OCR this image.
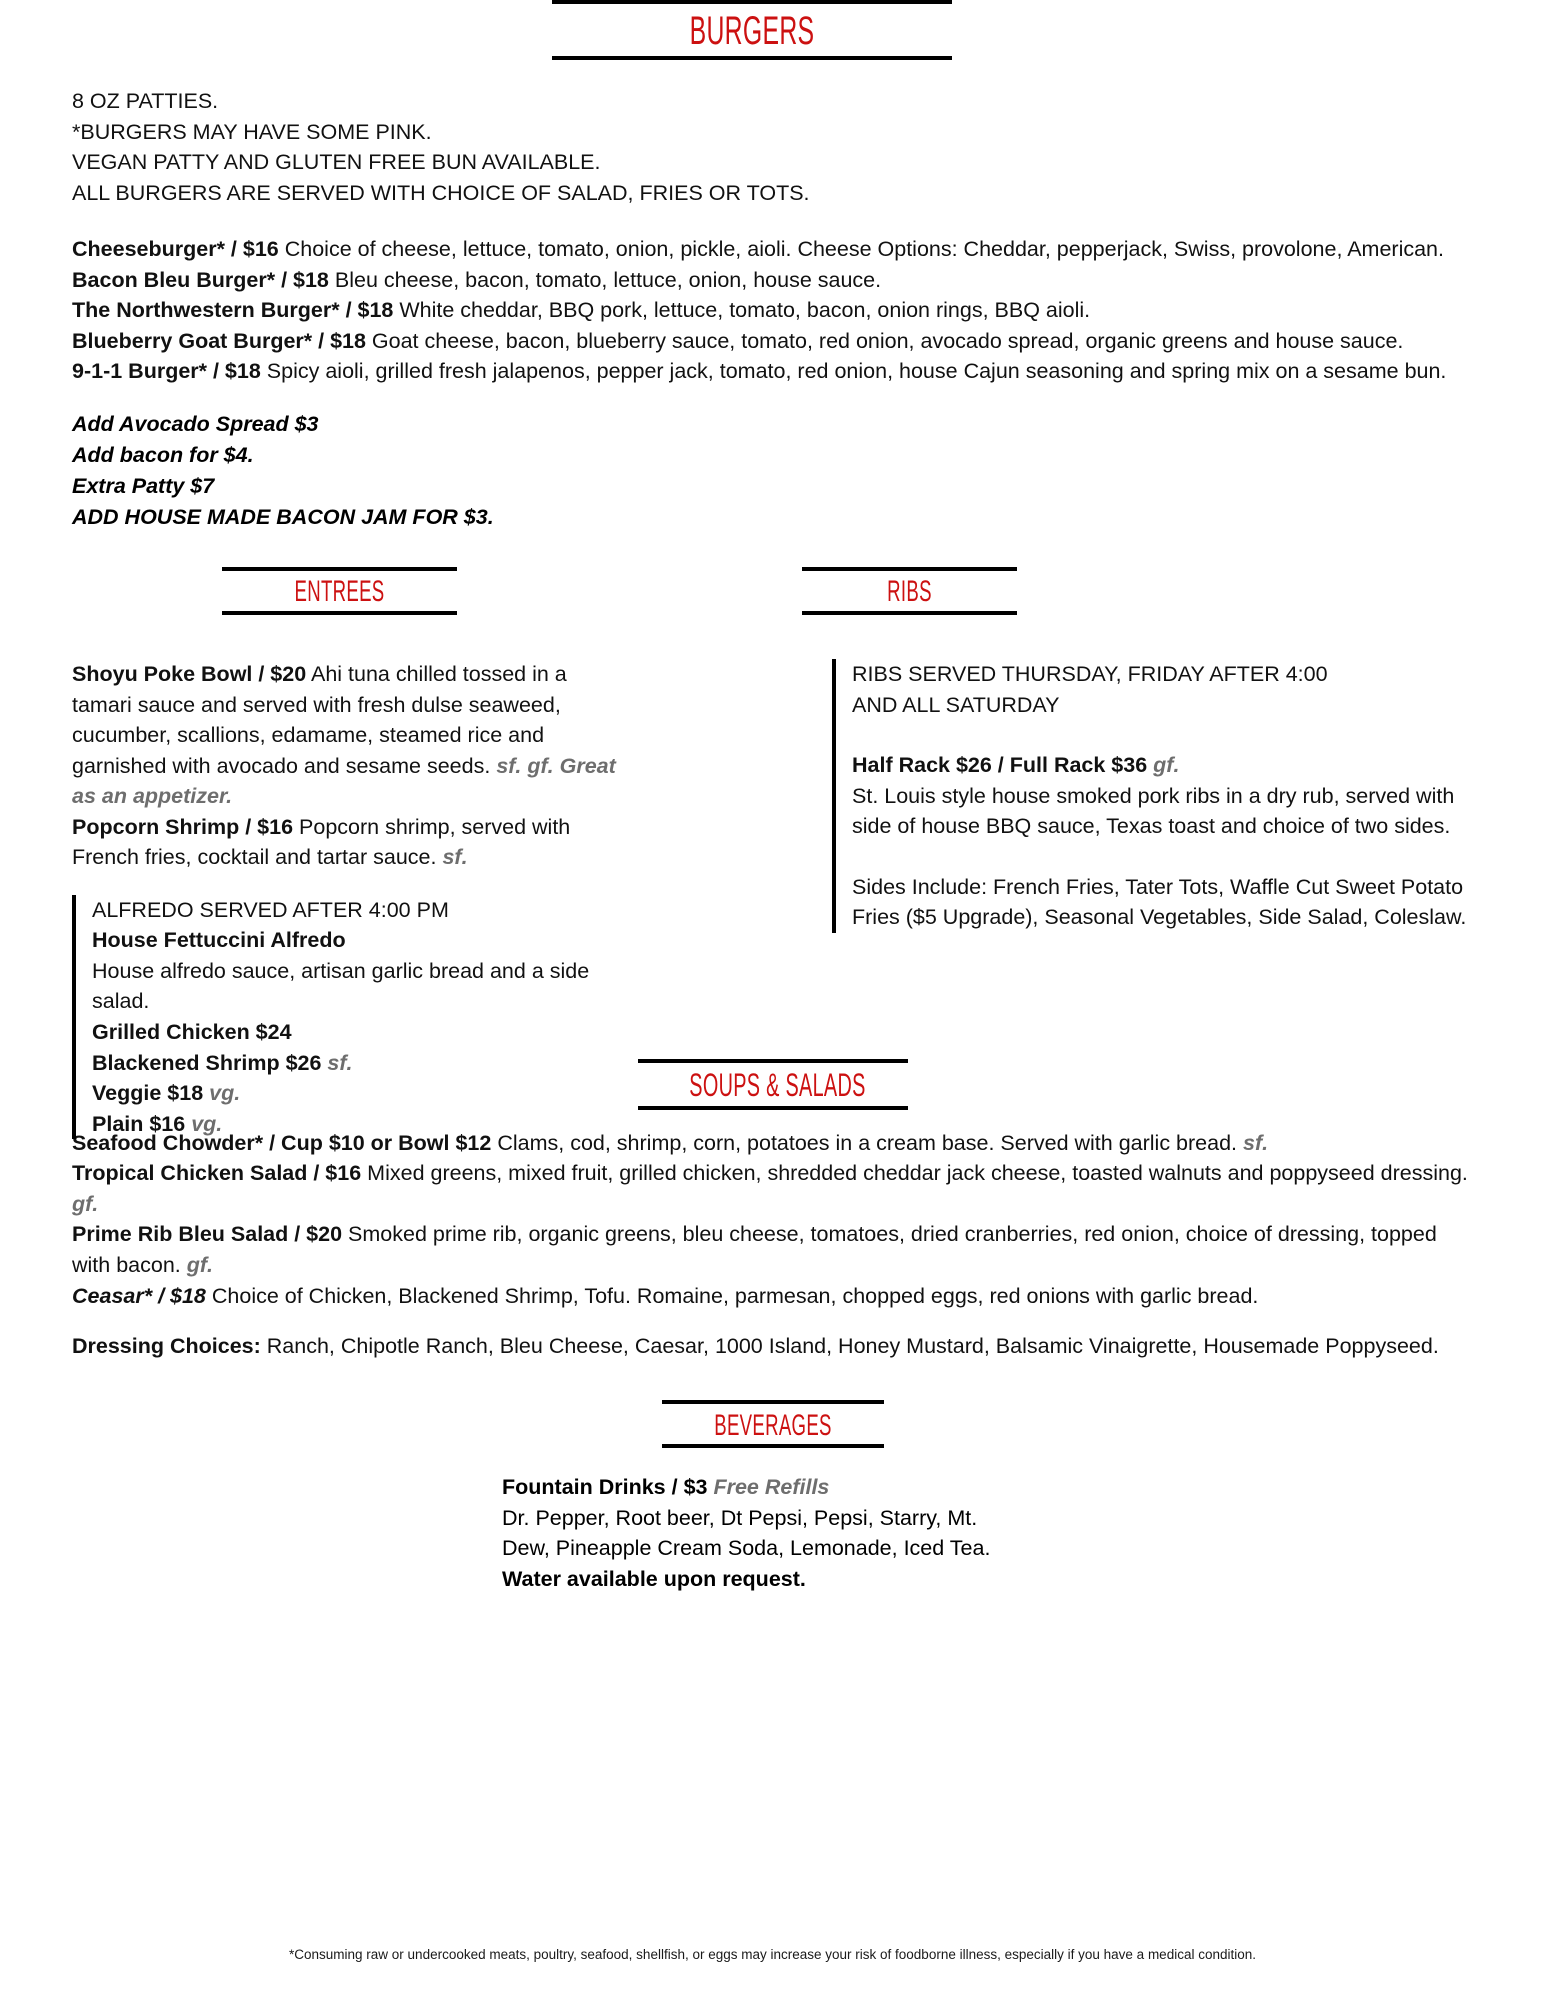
BURGERS
8 OZ PATTIES.
*BURGERS MAY HAVE SOME PINK.
VEGAN PATTY AND GLUTEN FREE BUN AVAILABLE.
ALL BURGERS ARE SERVED WITH CHOICE OF SALAD, FRIES OR TOTS.

Cheeseburger* / $16 Choice of cheese, lettuce, tomato, onion, pickle, aioli. Cheese Options: Cheddar, pepperjack, Swiss, provolone, American.

Bacon Bleu Burger* / $18 Bleu cheese, bacon, tomato, lettuce, onion, house sauce.

The Northwestern Burger* / $18 White cheddar, BBQ pork, lettuce, tomato, bacon, onion rings, BBQ aioli.

Blueberry Goat Burger* / $18 Goat cheese, bacon, blueberry sauce, tomato, red onion, avocado spread, organic greens and house sauce.

9-1-1 Burger* / $18 Spicy aioli, grilled fresh jalapenos, pepper jack, tomato, red onion, house Cajun seasoning and spring mix on a sesame bun.

Add Avocado Spread $3
Add bacon for $4.
Extra Patty $7
ADD HOUSE MADE BACON JAM FOR $3.
ENTREES	RIBS

Shoyu Poke Bowl / $20 Ahi tuna chilled tossed in a tamari sauce and served with fresh dulse seaweed, cucumber, scallions, edamame, steamed rice and garnished with avocado and sesame seeds. sf. gf. Great as an appetizer.

Popcorn Shrimp / $16 Popcorn shrimp, served with French fries, cocktail and tartar sauce. sf.

ALFREDO SERVED AFTER 4:00 PM
House Fettuccini Alfredo
House alfredo sauce, artisan garlic bread and a side salad.
Grilled Chicken $24
Blackened Shrimp $26 sf.
Veggie $18 vg.
Plain $16 vg.
RIBS SERVED THURSDAY, FRIDAY AFTER 4:00
AND ALL SATURDAY
Half Rack $26 / Full Rack $36 gf.
St. Louis style house smoked pork ribs in a dry rub, served with side of house BBQ sauce, Texas toast and choice of two sides.
Sides Include: French Fries, Tater Tots, Waffle Cut Sweet Potato Fries ($5 Upgrade), Seasonal Vegetables, Side Salad, Coleslaw.
SOUPS & SALADS

Seafood Chowder* / Cup $10 or Bowl $12 Clams, cod, shrimp, corn, potatoes in a cream base. Served with garlic bread. sf.

Tropical Chicken Salad / $16 Mixed greens, mixed fruit, grilled chicken, shredded cheddar jack cheese, toasted walnuts and poppyseed dressing. gf.

Prime Rib Bleu Salad / $20 Smoked prime rib, organic greens, bleu cheese, tomatoes, dried cranberries, red onion, choice of dressing, topped with bacon. gf.

Ceasar* / $18 Choice of Chicken, Blackened Shrimp, Tofu. Romaine, parmesan, chopped eggs, red onions with garlic bread.

Dressing Choices: Ranch, Chipotle Ranch, Bleu Cheese, Caesar, 1000 Island, Honey Mustard, Balsamic Vinaigrette, Housemade Poppyseed.
BEVERAGES
Fountain Drinks / $3 Free Refills
Dr. Pepper, Root beer, Dt Pepsi, Pepsi, Starry, Mt.
Dew, Pineapple Cream Soda, Lemonade, Iced Tea.
Water available upon request.
*Consuming raw or undercooked meats, poultry, seafood, shellfish, or eggs may increase your risk of foodborne illness, especially if you have a medical condition.
